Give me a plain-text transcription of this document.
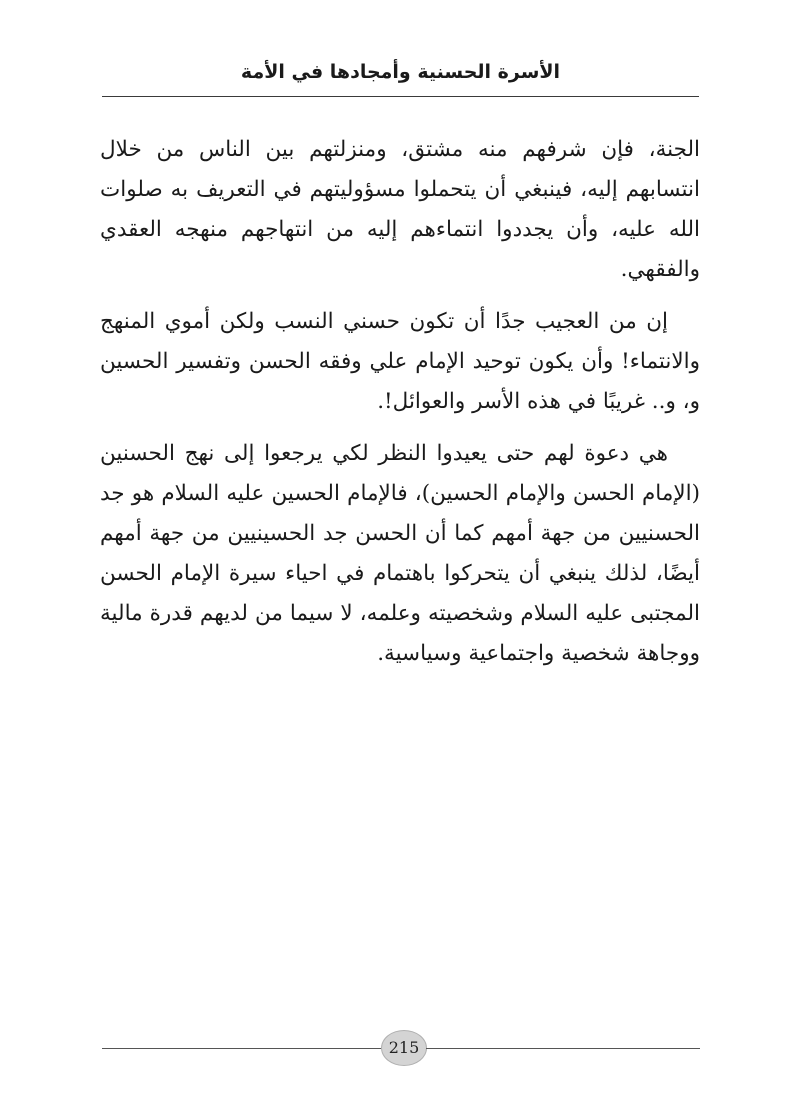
الأسرة الحسنية وأمجادها في الأمة

الجنة، فإن شرفهم منه مشتق، ومنزلتهم بين الناس من خلال انتسابهم إليه، فينبغي أن يتحملوا مسؤوليتهم في التعريف به صلوات الله عليه، وأن يجددوا انتماءهم إليه من انتهاجهم منهجه العقدي والفقهي.

إن من العجيب جدًا أن تكون حسني النسب ولكن أموي المنهج والانتماء! وأن يكون توحيد الإمام علي وفقه الحسن وتفسير الحسين و، و.. غريبًا في هذه الأسر والعوائل!.

هي دعوة لهم حتى يعيدوا النظر لكي يرجعوا إلى نهج الحسنين (الإمام الحسن والإمام الحسين)، فالإمام الحسين عليه السلام هو جد الحسنيين من جهة أمهم كما أن الحسن جد الحسينيين من جهة أمهم أيضًا، لذلك ينبغي أن يتحركوا باهتمام في احياء سيرة الإمام الحسن المجتبى عليه السلام وشخصيته وعلمه، لا سيما من لديهم قدرة مالية ووجاهة شخصية واجتماعية وسياسية.

215
